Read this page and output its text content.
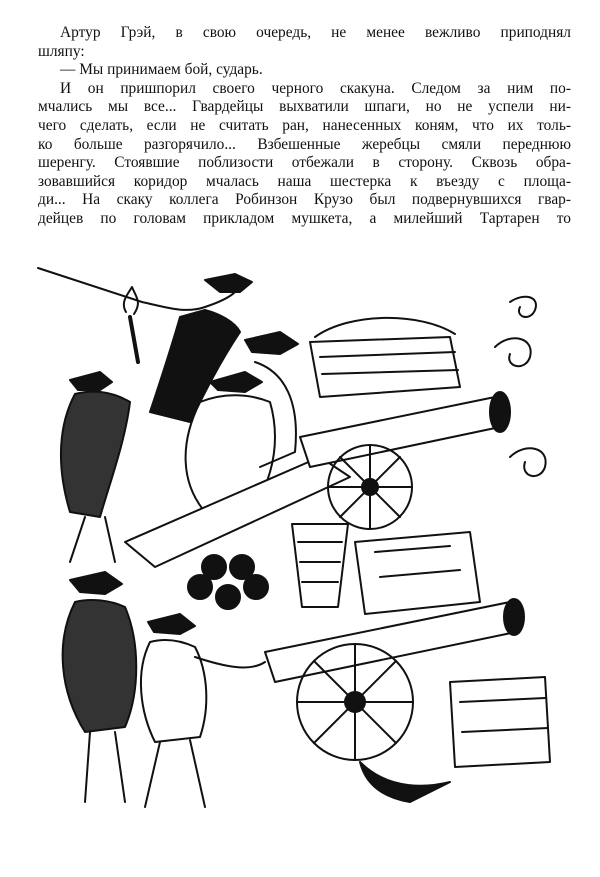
Артур Грэй, в свою очередь, не менее вежливо приподнял
шляпу:
— Мы принимаем бой, сударь.
И он пришпорил своего черного скакуна. Следом за ним по-
мчались мы все... Гвардейцы выхватили шпаги, но не успели ни-
чего сделать, если не считать ран, нанесенных коням, что их толь-
ко больше разгорячило... Взбешенные жеребцы смяли переднюю
шеренгу. Стоявшие поблизости отбежали в сторону. Сквозь обра-
зовавшийся коридор мчалась наша шестерка к въезду с площа-
ди... На скаку коллега Робинзон Крузо был подвернувшихся гвар-
дейцев по головам прикладом мушкета, а милейший Тартарен то
